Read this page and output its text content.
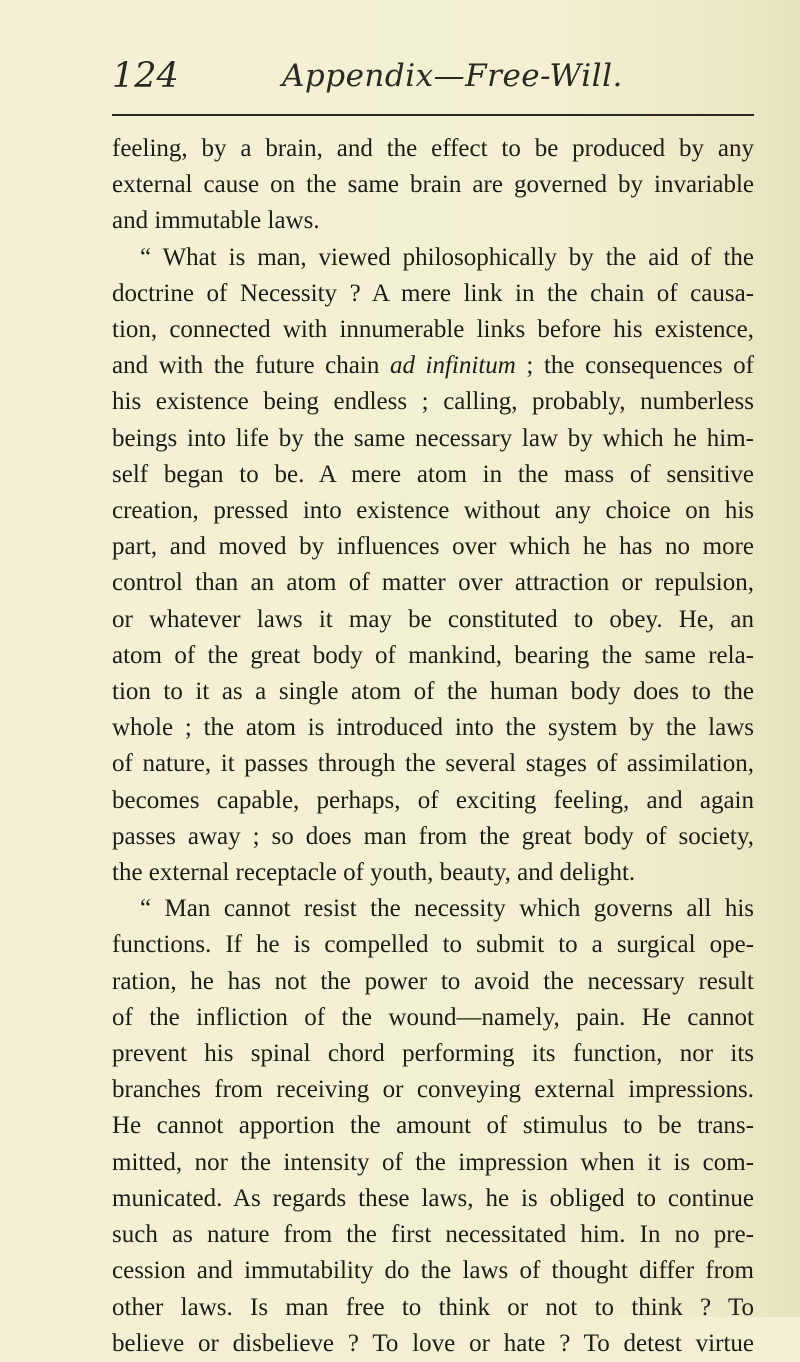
124	Appendix—Free-Will.
feeling, by a brain, and the effect to be produced by any
external cause on the same brain are governed by invariable
and immutable laws.
“ What is man, viewed philosophically by the aid of the
doctrine of Necessity ? A mere link in the chain of causa-
tion, connected with innumerable links before his existence,
and with the future chain ad infinitum ; the consequences of
his existence being endless ; calling, probably, numberless
beings into life by the same necessary law by which he him-
self began to be. A mere atom in the mass of sensitive
creation, pressed into existence without any choice on his
part, and moved by influences over which he has no more
control than an atom of matter over attraction or repulsion,
or whatever laws it may be constituted to obey. He, an
atom of the great body of mankind, bearing the same rela-
tion to it as a single atom of the human body does to the
whole ; the atom is introduced into the system by the laws
of nature, it passes through the several stages of assimilation,
becomes capable, perhaps, of exciting feeling, and again
passes away ; so does man from the great body of society,
the external receptacle of youth, beauty, and delight.
“ Man cannot resist the necessity which governs all his
functions. If he is compelled to submit to a surgical ope-
ration, he has not the power to avoid the necessary result
of the infliction of the wound—namely, pain. He cannot
prevent his spinal chord performing its function, nor its
branches from receiving or conveying external impressions.
He cannot apportion the amount of stimulus to be trans-
mitted, nor the intensity of the impression when it is com-
municated. As regards these laws, he is obliged to continue
such as nature from the first necessitated him. In no pre-
cession and immutability do the laws of thought differ from
other laws. Is man free to think or not to think ? To
believe or disbelieve ? To love or hate ? To detest virtue
